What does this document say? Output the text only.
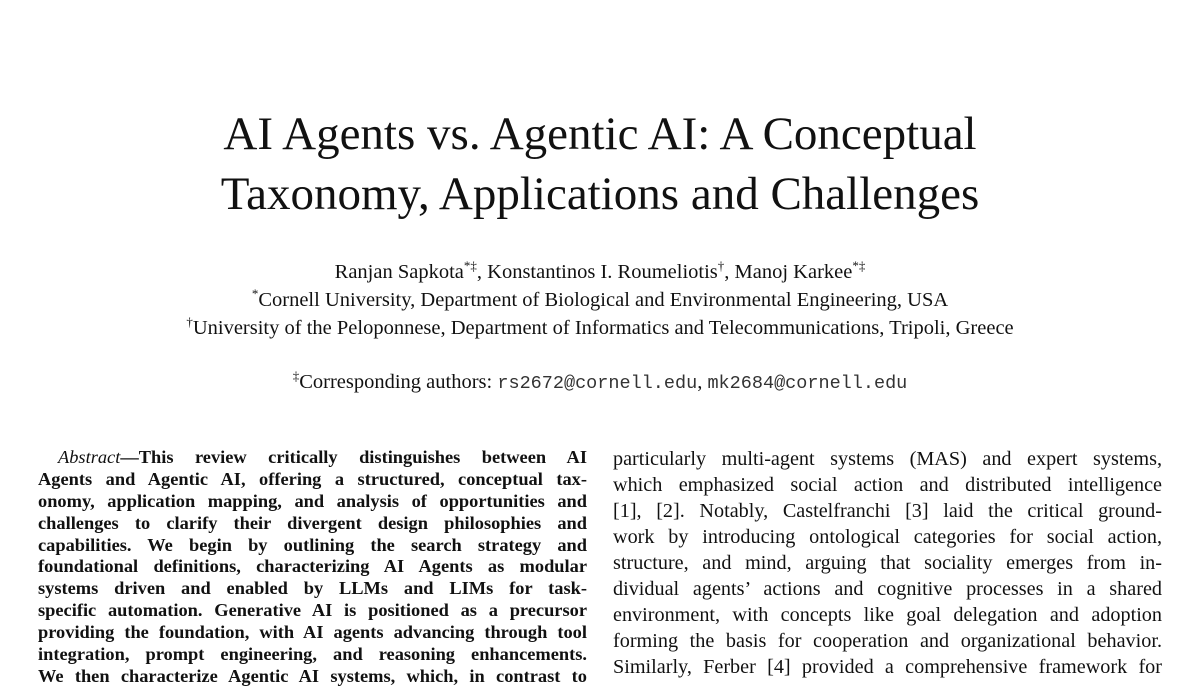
AI Agents vs. Agentic AI: A Conceptual
Taxonomy, Applications and Challenges
Ranjan Sapkota*‡, Konstantinos I. Roumeliotis†, Manoj Karkee*‡
*Cornell University, Department of Biological and Environmental Engineering, USA
†University of the Peloponnese, Department of Informatics and Telecommunications, Tripoli, Greece
‡Corresponding authors: rs2672@cornell.edu, mk2684@cornell.edu
Abstract—This review critically distinguishes between AI
Agents and Agentic AI, offering a structured, conceptual tax-
onomy, application mapping, and analysis of opportunities and
challenges to clarify their divergent design philosophies and
capabilities. We begin by outlining the search strategy and
foundational definitions, characterizing AI Agents as modular
systems driven and enabled by LLMs and LIMs for task-
specific automation. Generative AI is positioned as a precursor
providing the foundation, with AI agents advancing through tool
integration, prompt engineering, and reasoning enhancements.
We then characterize Agentic AI systems, which, in contrast to
particularly multi-agent systems (MAS) and expert systems,
which emphasized social action and distributed intelligence
[1], [2]. Notably, Castelfranchi [3] laid the critical ground-
work by introducing ontological categories for social action,
structure, and mind, arguing that sociality emerges from in-
dividual agents’ actions and cognitive processes in a shared
environment, with concepts like goal delegation and adoption
forming the basis for cooperation and organizational behavior.
Similarly, Ferber [4] provided a comprehensive framework for
